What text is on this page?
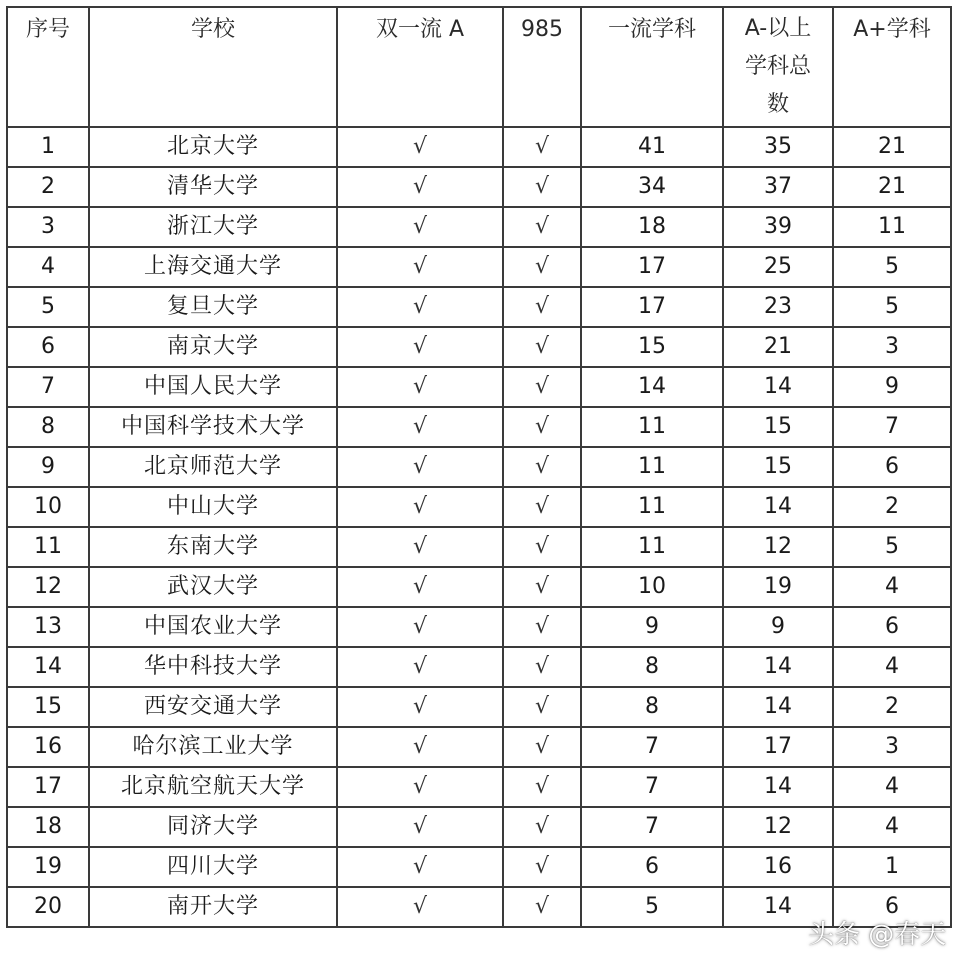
序号	学校	双一流 A	985	一流学科	A-以上学科总数	A+学科

1	北京大学	√	√	41	35	21
2	清华大学	√	√	34	37	21
3	浙江大学	√	√	18	39	11
4	上海交通大学	√	√	17	25	5
5	复旦大学	√	√	17	23	5
6	南京大学	√	√	15	21	3
7	中国人民大学	√	√	14	14	9
8	中国科学技术大学	√	√	11	15	7
9	北京师范大学	√	√	11	15	6
10	中山大学	√	√	11	14	2
11	东南大学	√	√	11	12	5
12	武汉大学	√	√	10	19	4
13	中国农业大学	√	√	9	9	6
14	华中科技大学	√	√	8	14	4
15	西安交通大学	√	√	8	14	2
16	哈尔滨工业大学	√	√	7	17	3
17	北京航空航天大学	√	√	7	14	4
18	同济大学	√	√	7	12	4
19	四川大学	√	√	6	16	1
20	南开大学	√	√	5	14	6
头条 @春天
